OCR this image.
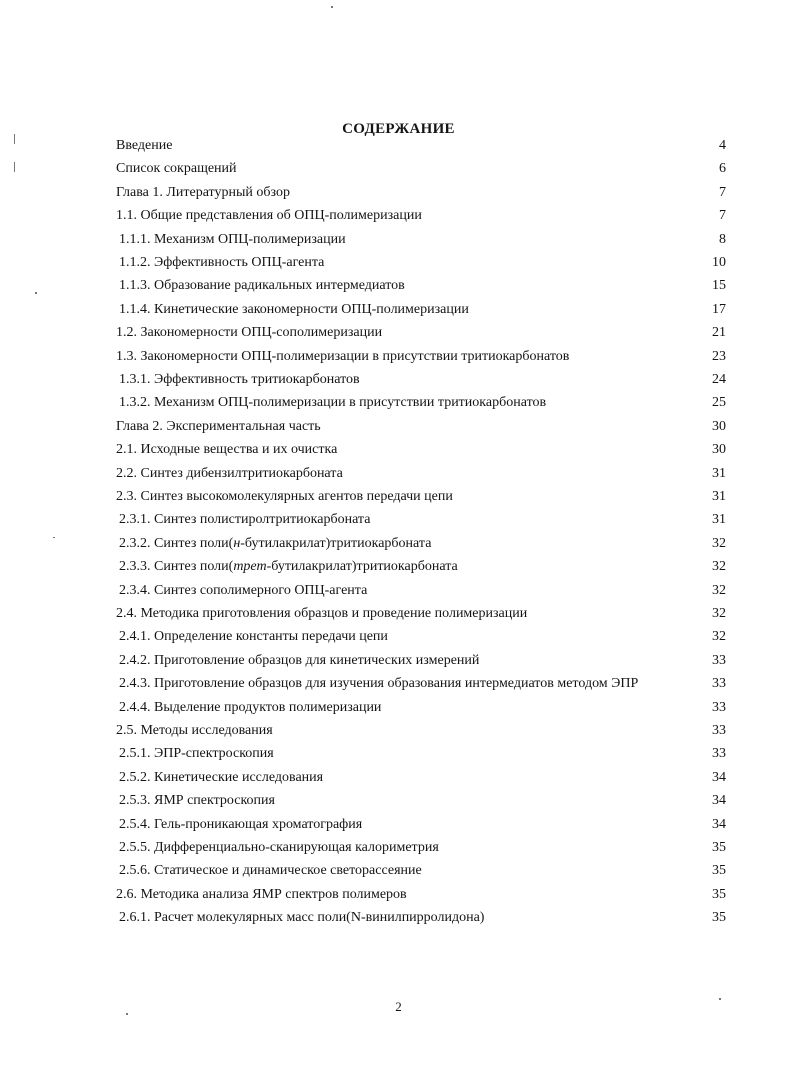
СОДЕРЖАНИЕ
Введение	4
Список сокращений	6
Глава 1. Литературный обзор	7
1.1. Общие представления об ОПЦ-полимеризации	7
1.1.1. Механизм ОПЦ-полимеризации	8
1.1.2. Эффективность ОПЦ-агента	10
1.1.3. Образование радикальных интермедиатов	15
1.1.4. Кинетические закономерности ОПЦ-полимеризации	17
1.2. Закономерности ОПЦ-сополимеризации	21
1.3. Закономерности ОПЦ-полимеризации в присутствии тритиокарбонатов	23
1.3.1. Эффективность тритиокарбонатов	24
1.3.2. Механизм ОПЦ-полимеризации в присутствии тритиокарбонатов	25
Глава 2. Экспериментальная часть	30
2.1. Исходные вещества и их очистка	30
2.2. Синтез дибензилтритиокарбоната	31
2.3. Синтез высокомолекулярных агентов передачи цепи	31
2.3.1. Синтез полистиролтритиокарбоната	31
2.3.2. Синтез поли(н-бутилакрилат)тритиокарбоната	32
2.3.3. Синтез поли(трет-бутилакрилат)тритиокарбоната	32
2.3.4. Синтез сополимерного ОПЦ-агента	32
2.4. Методика приготовления образцов и проведение полимеризации	32
2.4.1. Определение константы передачи цепи	32
2.4.2. Приготовление образцов для кинетических измерений	33
2.4.3. Приготовление образцов для изучения образования интермедиатов методом ЭПР	33
2.4.4. Выделение продуктов полимеризации	33
2.5. Методы исследования	33
2.5.1. ЭПР-спектроскопия	33
2.5.2. Кинетические исследования	34
2.5.3. ЯМР спектроскопия	34
2.5.4. Гель-проникающая хроматография	34
2.5.5. Дифференциально-сканирующая калориметрия	35
2.5.6. Статическое и динамическое светорассеяние	35
2.6. Методика анализа ЯМР спектров полимеров	35
2.6.1. Расчет молекулярных масс поли(N-винилпирролидона)	35
2
